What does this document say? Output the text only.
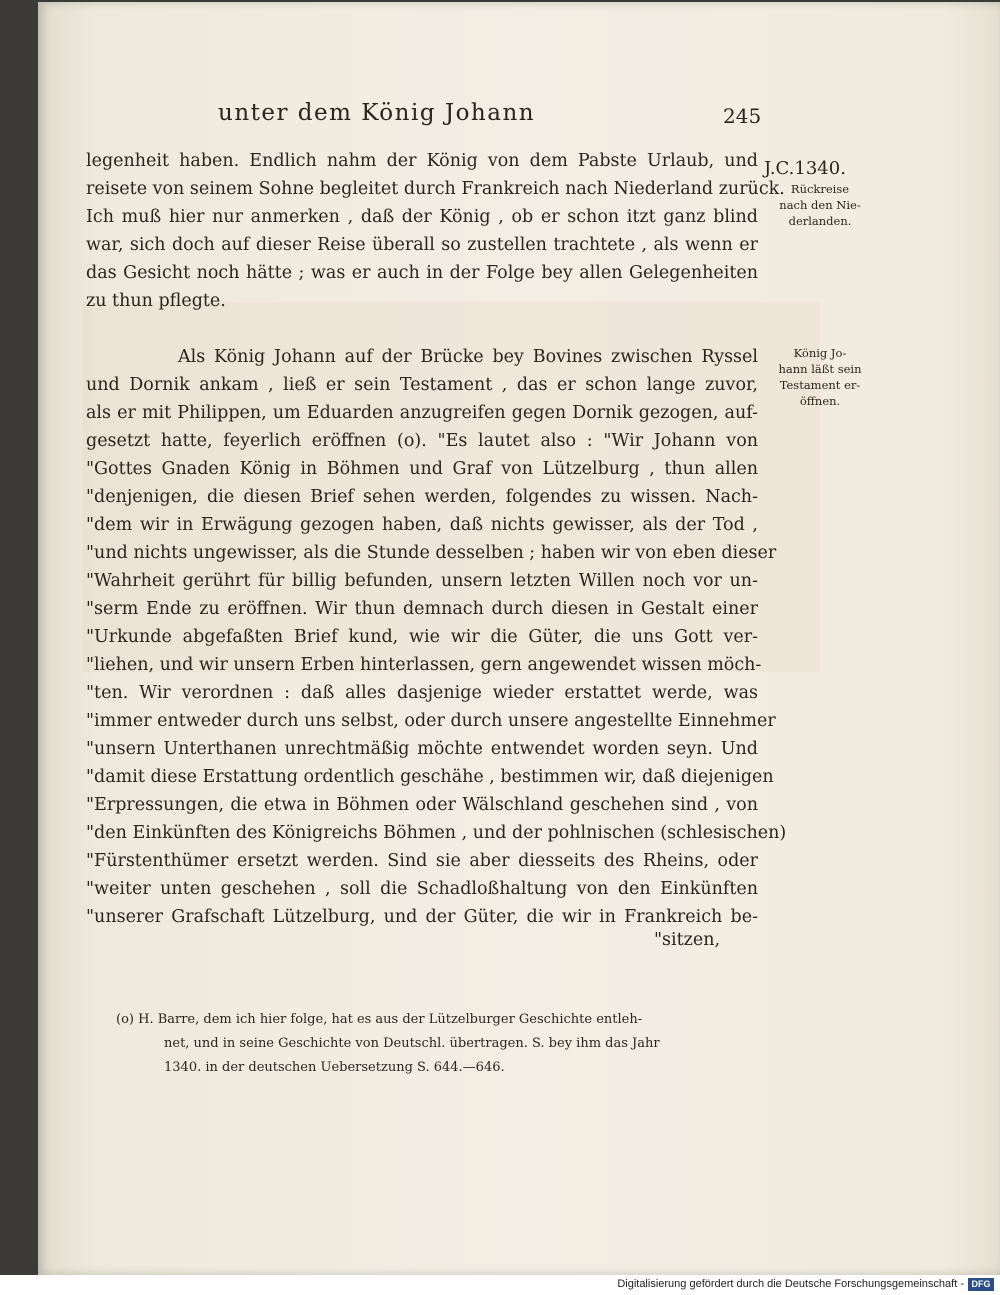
unter dem König Johann	245
J.C.1340.
Rückreise
nach den Nie-
derlanden.
König Jo-
hann läßt sein
Testament er-
öffnen.
legenheit haben. Endlich nahm der König von dem Pabste Urlaub, und
reisete von seinem Sohne begleitet durch Frankreich nach Niederland zurück.
Ich muß hier nur anmerken , daß der König , ob er schon itzt ganz blind
war, sich doch auf dieser Reise überall so zustellen trachtete , als wenn er
das Gesicht noch hätte ; was er auch in der Folge bey allen Gelegenheiten
zu thun pflegte.
Als König Johann auf der Brücke bey Bovines zwischen Ryssel
und Dornik ankam , ließ er sein Testament , das er schon lange zuvor,
als er mit Philippen, um Eduarden anzugreifen gegen Dornik gezogen, auf-
gesetzt hatte, feyerlich eröffnen (o). "Es lautet also : "Wir Johann von
"Gottes Gnaden König in Böhmen und Graf von Lützelburg , thun allen
"denjenigen, die diesen Brief sehen werden, folgendes zu wissen. Nach-
"dem wir in Erwägung gezogen haben, daß nichts gewisser, als der Tod ,
"und nichts ungewisser, als die Stunde desselben ; haben wir von eben dieser
"Wahrheit gerührt für billig befunden, unsern letzten Willen noch vor un-
"serm Ende zu eröffnen. Wir thun demnach durch diesen in Gestalt einer
"Urkunde abgefaßten Brief kund, wie wir die Güter, die uns Gott ver-
"liehen, und wir unsern Erben hinterlassen, gern angewendet wissen möch-
"ten. Wir verordnen : daß alles dasjenige wieder erstattet werde, was
"immer entweder durch uns selbst, oder durch unsere angestellte Einnehmer
"unsern Unterthanen unrechtmäßig möchte entwendet worden seyn. Und
"damit diese Erstattung ordentlich geschähe , bestimmen wir, daß diejenigen
"Erpressungen, die etwa in Böhmen oder Wälschland geschehen sind , von
"den Einkünften des Königreichs Böhmen , und der pohlnischen (schlesischen)
"Fürstenthümer ersetzt werden. Sind sie aber diesseits des Rheins, oder
"weiter unten geschehen , soll die Schadloßhaltung von den Einkünften
"unserer Grafschaft Lützelburg, und der Güter, die wir in Frankreich be-
"sitzen,
(o) H. Barre, dem ich hier folge, hat es aus der Lützelburger Geschichte entleh-
net, und in seine Geschichte von Deutschl. übertragen. S. bey ihm das Jahr
1340. in der deutschen Uebersetzung S. 644.—646.
Digitalisierung gefördert durch die Deutsche Forschungsgemeinschaft - DFG
